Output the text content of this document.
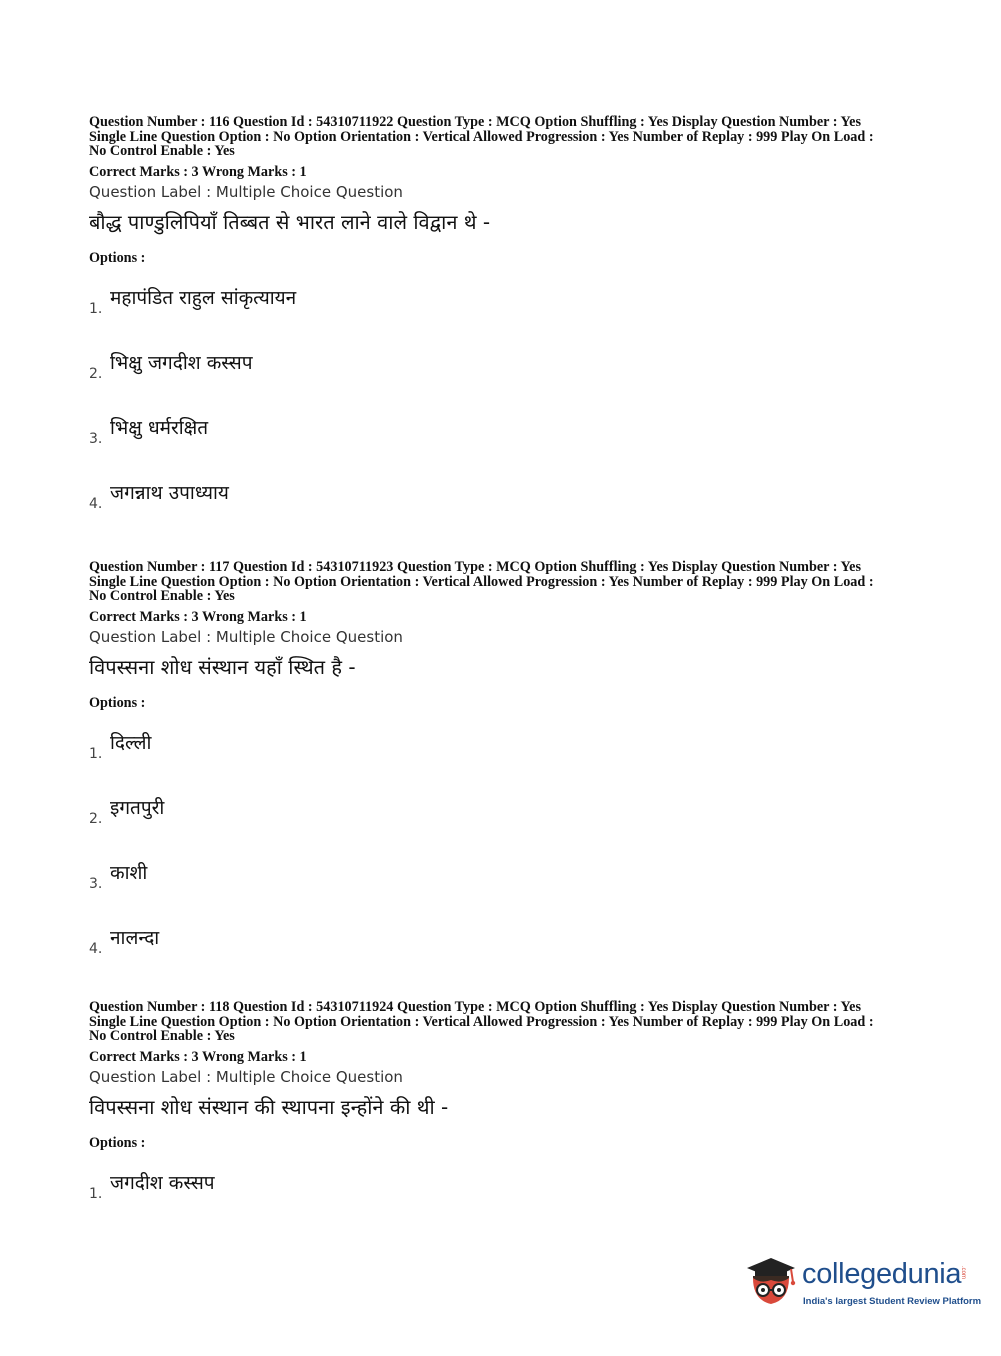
Question Number : 116 Question Id : 54310711922 Question Type : MCQ Option Shuffling : Yes Display Question Number : Yes

Single Line Question Option : No Option Orientation : Vertical Allowed Progression : Yes Number of Replay : 999 Play On Load :

No Control Enable : Yes

Correct Marks : 3 Wrong Marks : 1
Question Label : Multiple Choice Question
बौद्ध पाण्डुलिपियाँ तिब्बत से भारत लाने वाले विद्वान थे -
Options :
1. महापंडित राहुल सांकृत्यायन
2. भिक्षु जगदीश कस्सप
3. भिक्षु धर्मरक्षित
4. जगन्नाथ उपाध्याय

Question Number : 117 Question Id : 54310711923 Question Type : MCQ Option Shuffling : Yes Display Question Number : Yes

Single Line Question Option : No Option Orientation : Vertical Allowed Progression : Yes Number of Replay : 999 Play On Load :

No Control Enable : Yes

Correct Marks : 3 Wrong Marks : 1
Question Label : Multiple Choice Question
विपस्सना शोध संस्थान यहाँ स्थित है -
Options :
1. दिल्ली
2. इगतपुरी
3. काशी
4. नालन्दा

Question Number : 118 Question Id : 54310711924 Question Type : MCQ Option Shuffling : Yes Display Question Number : Yes

Single Line Question Option : No Option Orientation : Vertical Allowed Progression : Yes Number of Replay : 999 Play On Load :

No Control Enable : Yes

Correct Marks : 3 Wrong Marks : 1
Question Label : Multiple Choice Question
विपस्सना शोध संस्थान की स्थापना इन्होंने की थी -
Options :
1. जगदीश कस्सप
collegedunia
.com
India's largest Student Review Platform
